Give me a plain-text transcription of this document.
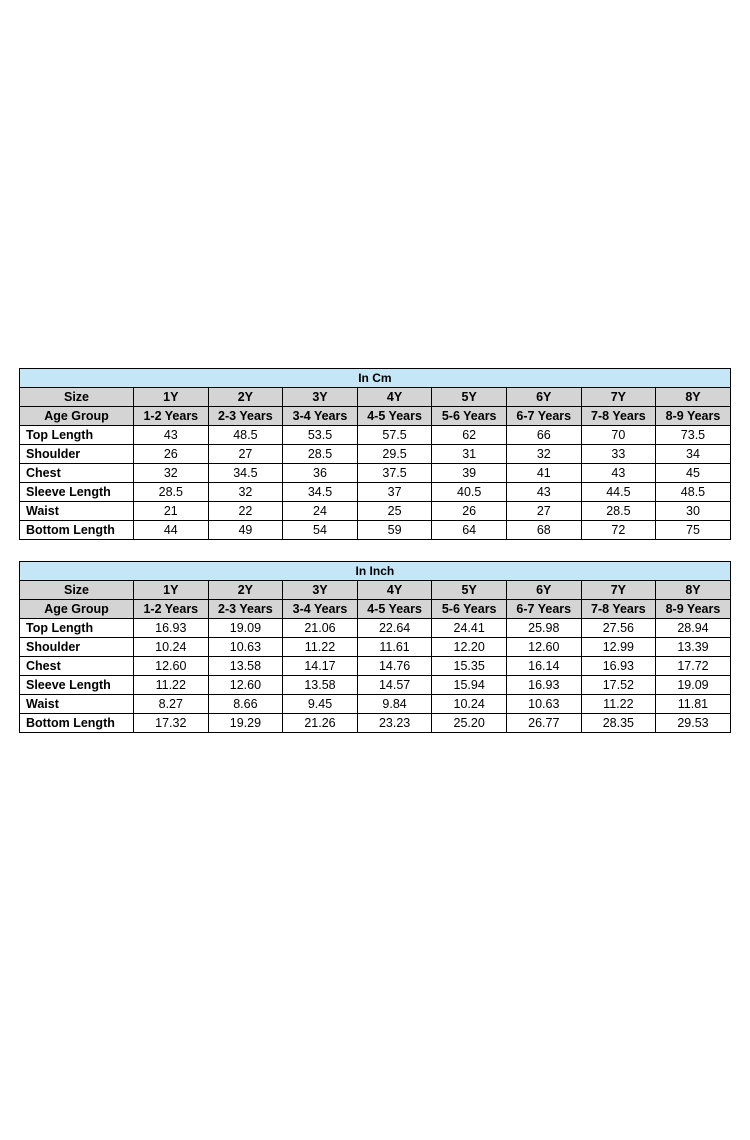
In Cm								
Size	1Y	2Y	3Y	4Y	5Y	6Y	7Y	8Y
Age Group	1-2 Years	2-3 Years	3-4 Years	4-5 Years	5-6 Years	6-7 Years	7-8 Years	8-9 Years
Top Length	43	48.5	53.5	57.5	62	66	70	73.5
Shoulder	26	27	28.5	29.5	31	32	33	34
Chest	32	34.5	36	37.5	39	41	43	45
Sleeve Length	28.5	32	34.5	37	40.5	43	44.5	48.5
Waist	21	22	24	25	26	27	28.5	30
Bottom Length	44	49	54	59	64	68	72	75
In Inch								
Size	1Y	2Y	3Y	4Y	5Y	6Y	7Y	8Y
Age Group	1-2 Years	2-3 Years	3-4 Years	4-5 Years	5-6 Years	6-7 Years	7-8 Years	8-9 Years
Top Length	16.93	19.09	21.06	22.64	24.41	25.98	27.56	28.94
Shoulder	10.24	10.63	11.22	11.61	12.20	12.60	12.99	13.39
Chest	12.60	13.58	14.17	14.76	15.35	16.14	16.93	17.72
Sleeve Length	11.22	12.60	13.58	14.57	15.94	16.93	17.52	19.09
Waist	8.27	8.66	9.45	9.84	10.24	10.63	11.22	11.81
Bottom Length	17.32	19.29	21.26	23.23	25.20	26.77	28.35	29.53
